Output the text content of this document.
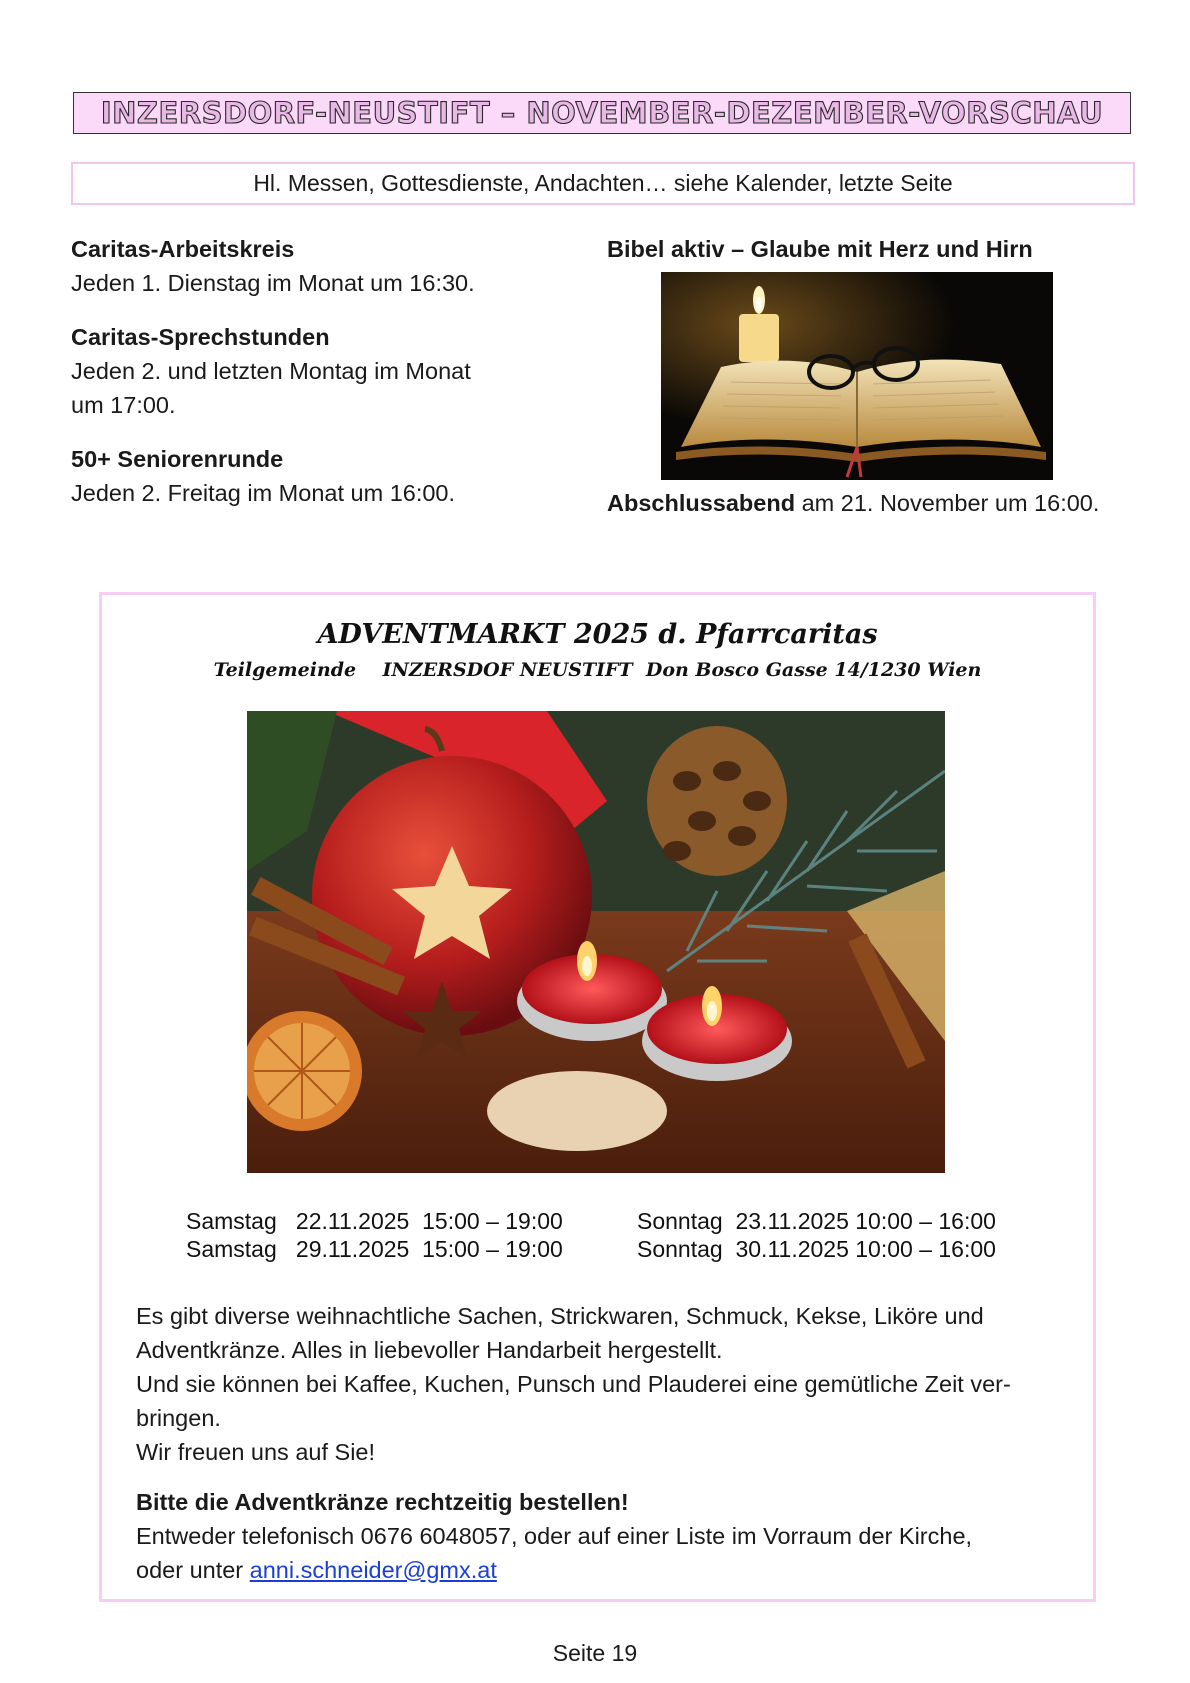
INZERSDORF-NEUSTIFT – NOVEMBER-DEZEMBER-VORSCHAU
Hl. Messen, Gottesdienste, Andachten… siehe Kalender, letzte Seite
Caritas-Arbeitskreis
Jeden 1. Dienstag im Monat um 16:30.
Caritas-Sprechstunden
Jeden 2. und letzten Montag im Monat
um 17:00.
50+ Seniorenrunde
Jeden 2. Freitag im Monat um 16:00.
Bibel aktiv – Glaube mit Herz und Hirn
Abschlussabend am 21. November um 16:00.
ADVENTMARKT 2025 d. Pfarrcaritas
Teilgemeinde    INZERSDOF NEUSTIFT  Don Bosco Gasse 14/1230 Wien
Samstag   22.11.2025  15:00 – 19:00
Samstag   29.11.2025  15:00 – 19:00
Sonntag  23.11.2025 10:00 – 16:00
Sonntag  30.11.2025 10:00 – 16:00

Es gibt diverse weihnachtliche Sachen, Strickwaren, Schmuck, Kekse, Liköre und

Adventkränze. Alles in liebevoller Handarbeit hergestellt.

Und sie können bei Kaffee, Kuchen, Punsch und Plauderei eine gemütliche Zeit ver-

bringen.

Wir freuen uns auf Sie!

Bitte die Adventkränze rechtzeitig bestellen!

Entweder telefonisch 0676 6048057, oder auf einer Liste im Vorraum der Kirche,

oder unter anni.schneider@gmx.at

Seite 19
